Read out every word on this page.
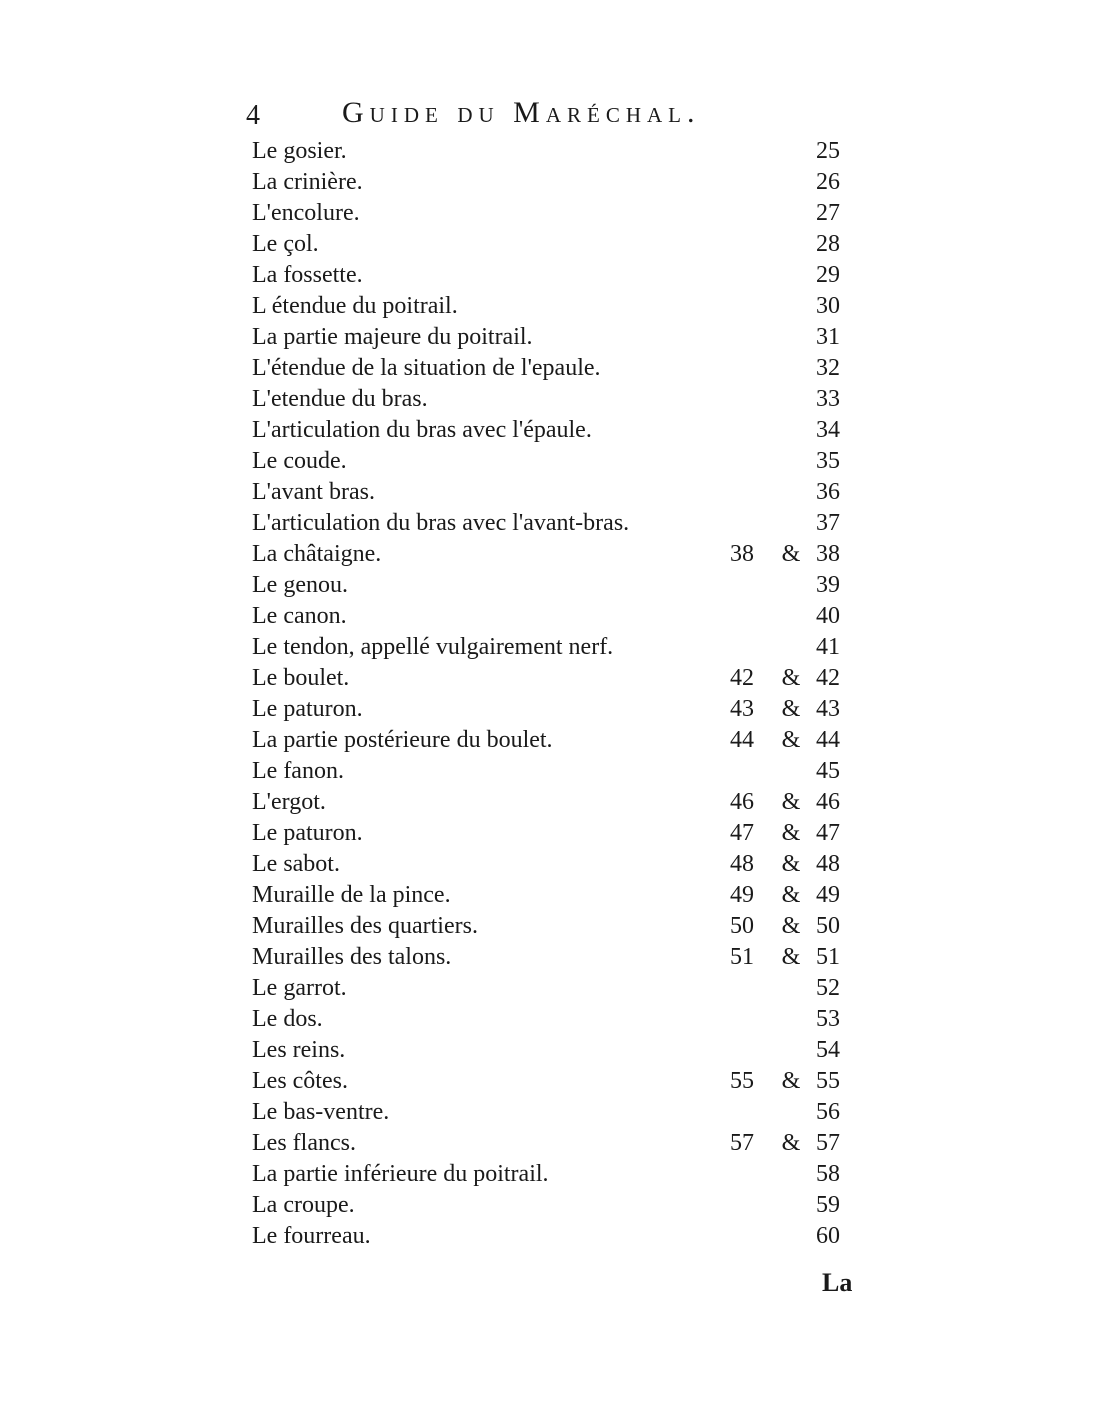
4	Guide du Maréchal.
Le gosier.	25
La crinière.	26
L'encolure.	27
Le çol.	28
La fossette.	29
L étendue du poitrail.	30
La partie majeure du poitrail.	31
L'étendue de la situation de l'epaule.	32
L'etendue du bras.	33
L'articulation du bras avec l'épaule.	34
Le coude.	35
L'avant bras.	36
L'articulation du bras avec l'avant-bras.	37
La châtaigne.	38	& 38
Le genou.	39
Le canon.	40
Le tendon, appellé vulgairement nerf.	41
Le boulet.	42	& 42
Le paturon.	43	& 43
La partie postérieure du boulet.	44	& 44
Le fanon.	45
L'ergot.	46	& 46
Le paturon.	47	& 47
Le sabot.	48	& 48
Muraille de la pince.	49	& 49
Murailles des quartiers.	50	& 50
Murailles des talons.	51	& 51
Le garrot.	52
Le dos.	53
Les reins.	54
Les côtes.	55	& 55
Le bas-ventre.	56
Les flancs.	57	& 57
La partie inférieure du poitrail.	58
La croupe.	59
Le fourreau.	60
La
